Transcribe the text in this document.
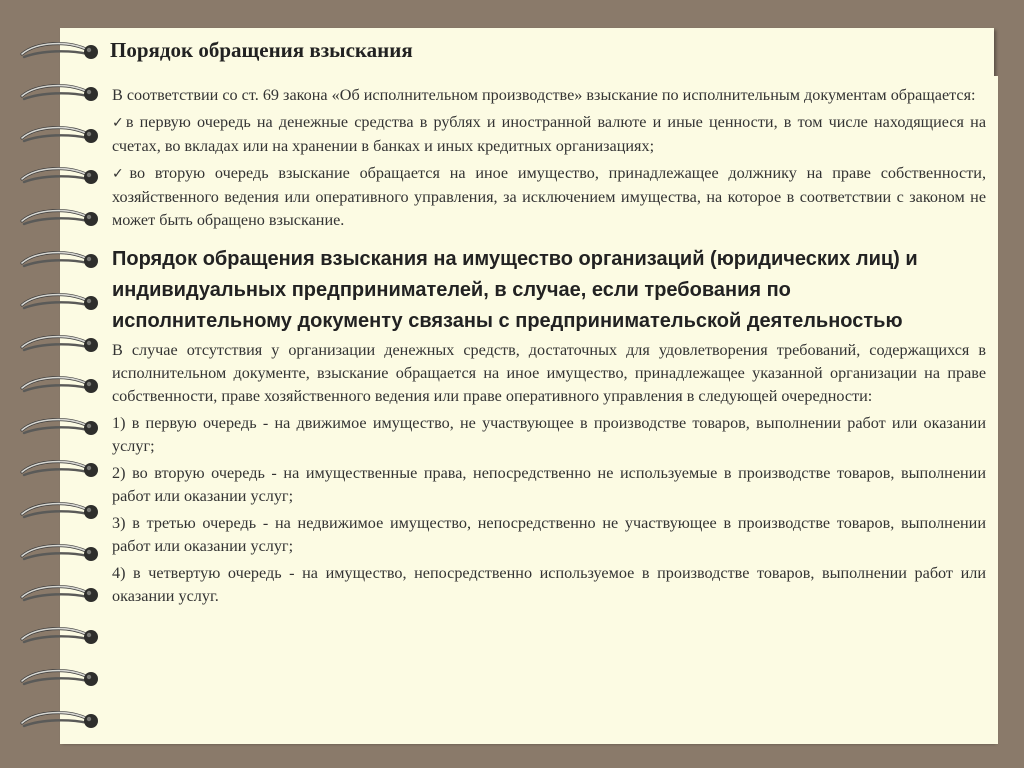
Порядок обращения взыскания

В соответствии со ст. 69 закона «Об исполнительном производстве» взыскание по исполнительным документам обращается:

✓в первую очередь на денежные средства в рублях и иностранной валюте и иные ценности, в том числе находящиеся на счетах, во вкладах или на хранении в банках и иных кредитных организациях;

✓во вторую очередь взыскание обращается на иное имущество, принадлежащее должнику на праве собственности, хозяйственного ведения или оперативного управления, за исключением имущества, на которое в соответствии с законом не может быть обращено взыскание.

Порядок обращения взыскания на имущество организаций (юридических лиц) и индивидуальных предпринимателей, в случае, если требования по исполнительному документу связаны с предпринимательской деятельностью

В случае отсутствия у организации денежных средств, достаточных для удовлетворения требований, содержащихся в исполнительном документе, взыскание обращается на иное имущество, принадлежащее указанной организации на праве собственности, праве хозяйственного ведения или праве оперативного управления в следующей очередности:

1) в первую очередь - на движимое имущество, не участвующее в производстве товаров, выполнении работ или оказании услуг;

2) во вторую очередь - на имущественные права, непосредственно не используемые в производстве товаров, выполнении работ или оказании услуг;

3) в третью очередь - на недвижимое имущество, непосредственно не участвующее в производстве товаров, выполнении работ или оказании услуг;

4) в четвертую очередь - на имущество, непосредственно используемое в производстве товаров, выполнении работ или оказании услуг.
